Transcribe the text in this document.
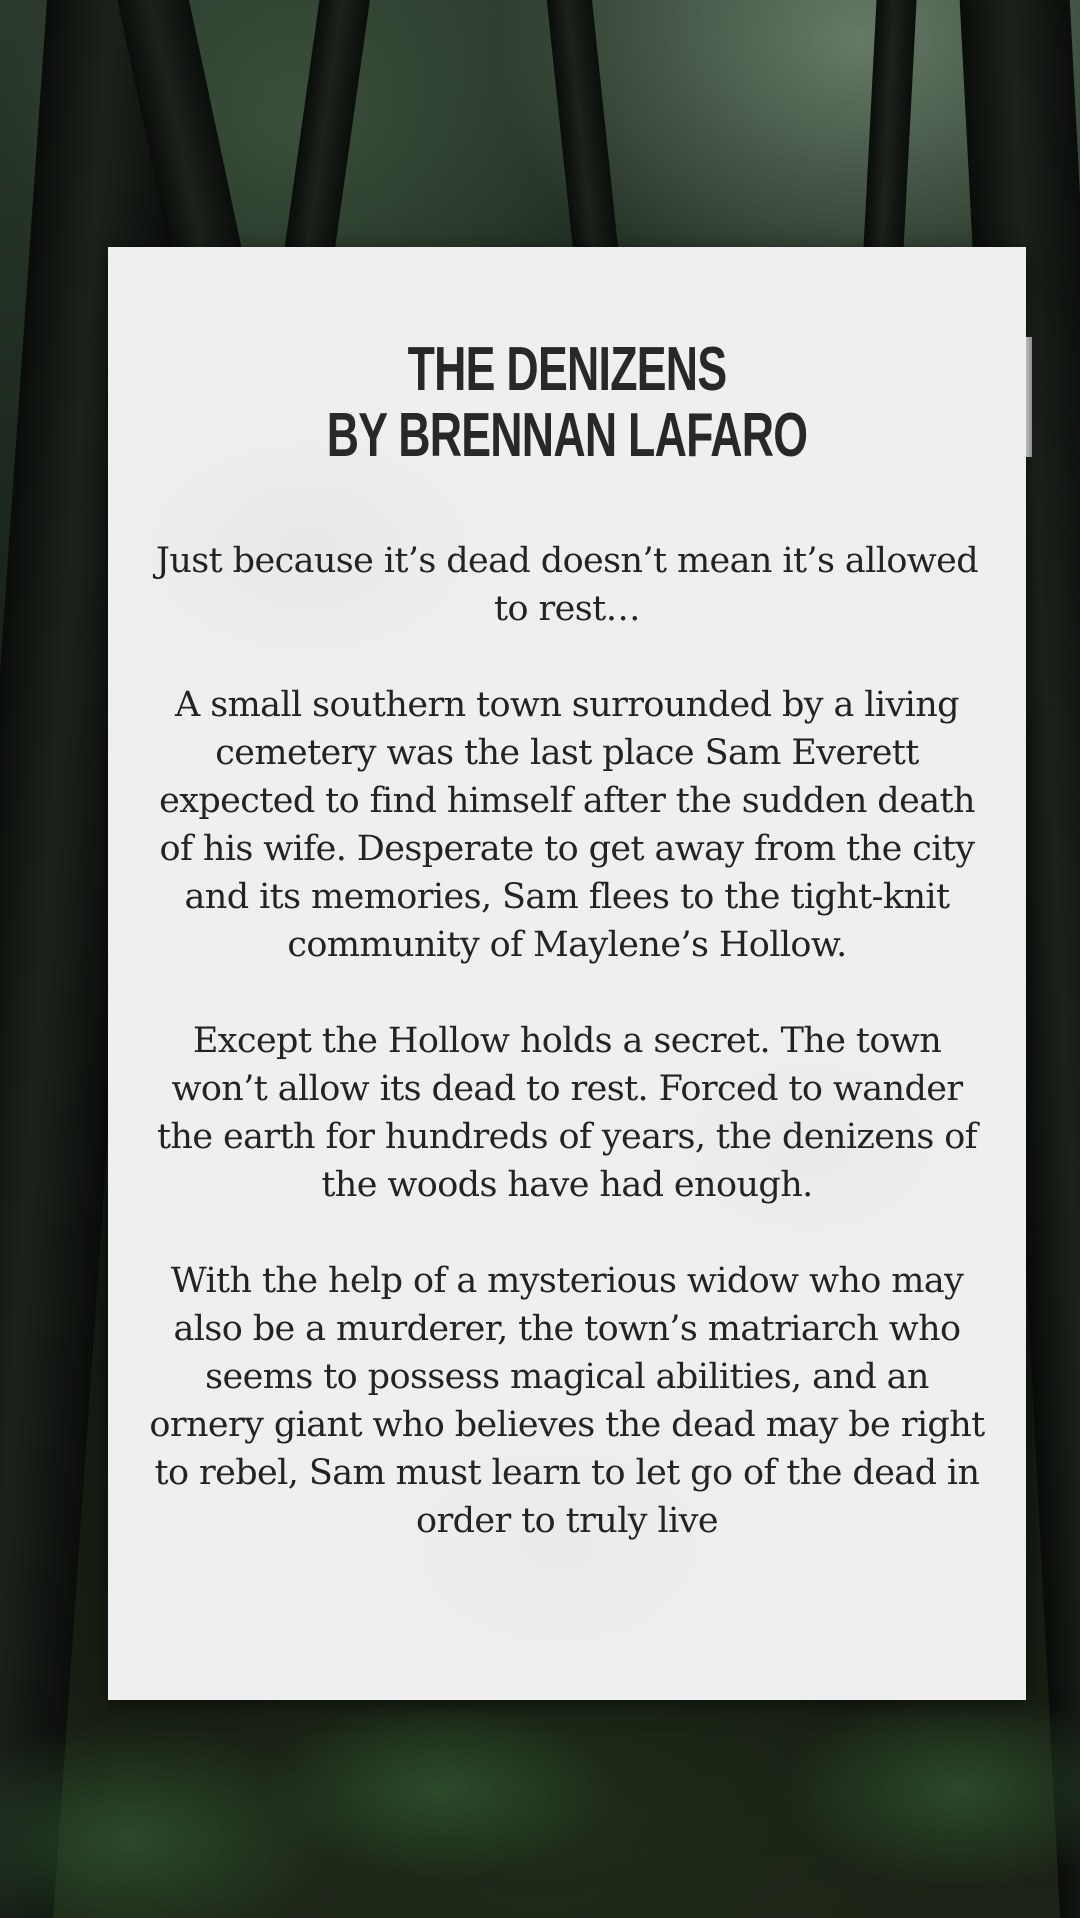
THE DENIZENS
BY BRENNAN LAFARO

Just because it’s dead doesn’t mean it’s allowed to rest…

A small southern town surrounded by a living cemetery was the last place Sam Everett expected to find himself after the sudden death of his wife. Desperate to get away from the city and its memories, Sam flees to the tight-knit community of Maylene’s Hollow.

Except the Hollow holds a secret. The town won’t allow its dead to rest. Forced to wander the earth for hundreds of years, the denizens of the woods have had enough.

With the help of a mysterious widow who may also be a murderer, the town’s matriarch who seems to possess magical abilities, and an ornery giant who believes the dead may be right to rebel, Sam must learn to let go of the dead in order to truly live
